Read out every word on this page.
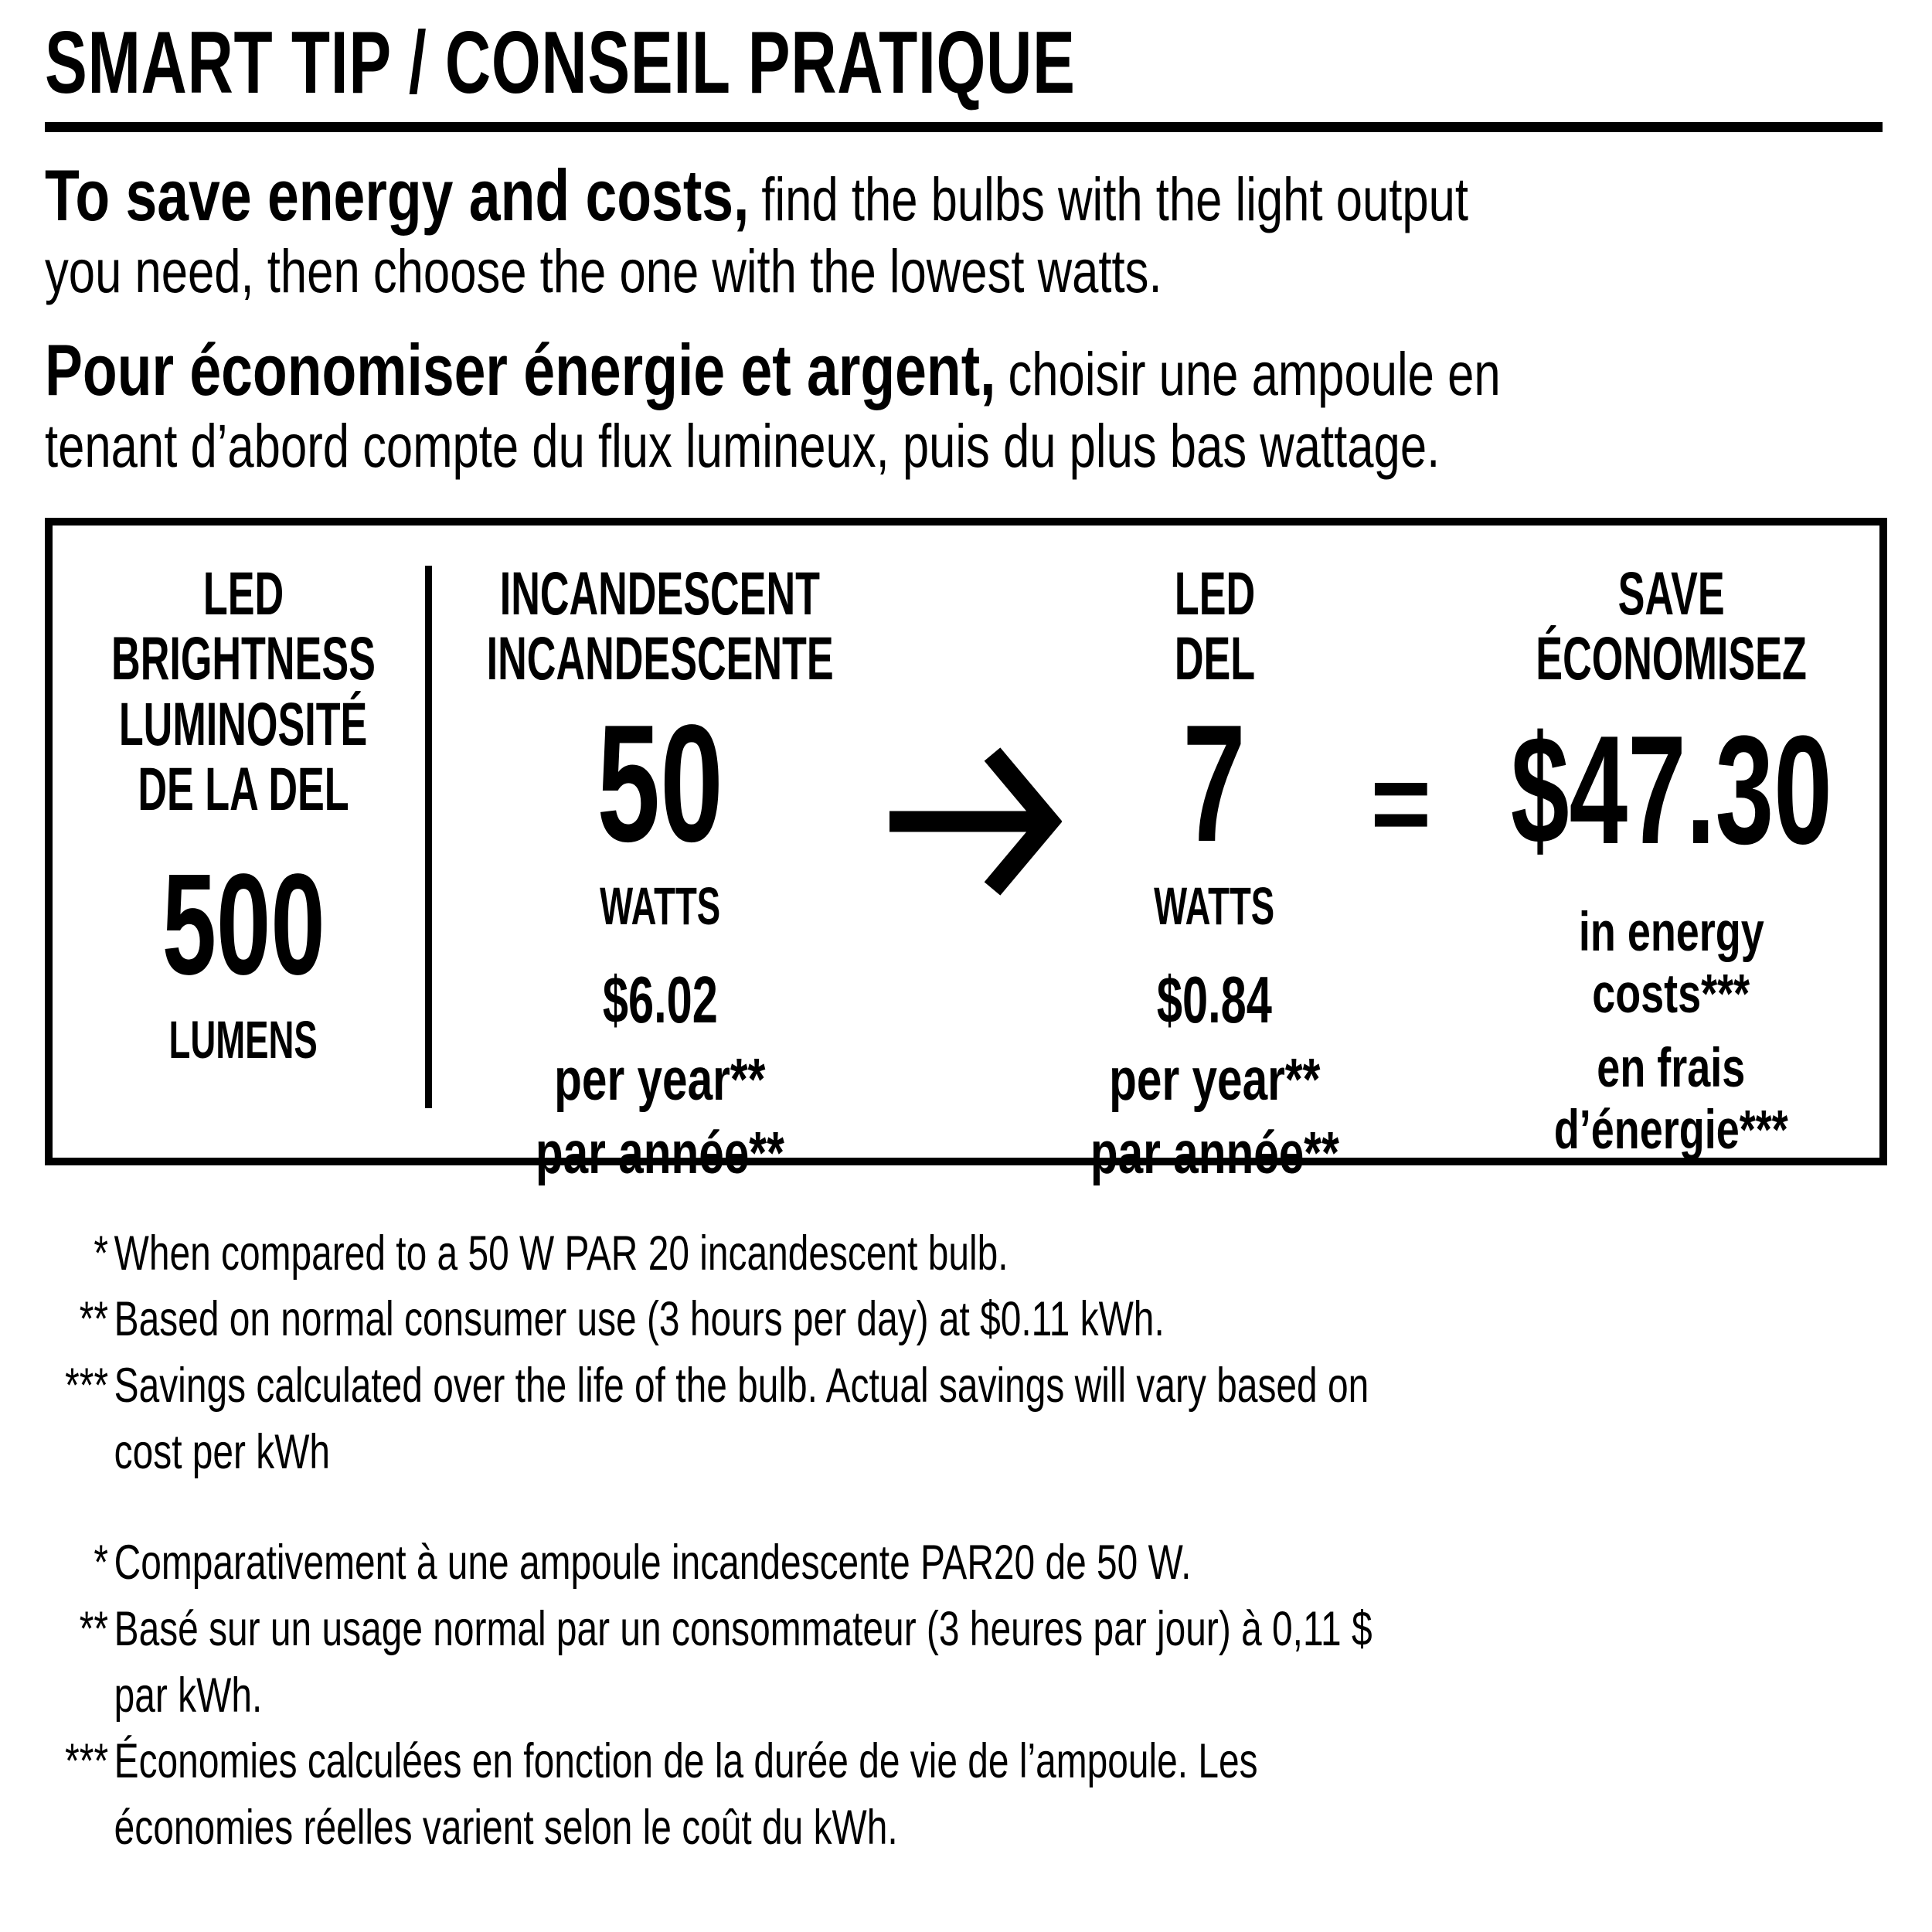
SMART TIP / CONSEIL PRATIQUE
To save energy and costs, find the bulbs with the light output
you need, then choose the one with the lowest watts.
Pour économiser énergie et argent, choisir une ampoule en
tenant d’abord compte du flux lumineux, puis du plus bas wattage.
LED
BRIGHTNESS
LUMINOSITÉ
DE LA DEL
500
LUMENS
INCANDESCENT
INCANDESCENTE
50
WATTS
$6.02
per year**
par année**
LED
DEL
7
WATTS
$0.84
per year**
par année**
=
SAVE
ÉCONOMISEZ
$47.30
in energy
costs***
en frais
d’énergie***
* When compared to a 50 W PAR 20 incandescent bulb.
** Based on normal consumer use (3 hours per day) at $0.11 kWh.
*** Savings calculated over the life of the bulb. Actual savings will vary based on

cost per kWh
* Comparativement à une ampoule incandescente PAR20 de 50 W.
** Basé sur un usage normal par un consommateur (3 heures par jour) à 0,11 $

par kWh.
*** Économies calculées en fonction de la durée de vie de l’ampoule. Les

économies réelles varient selon le coût du kWh.
